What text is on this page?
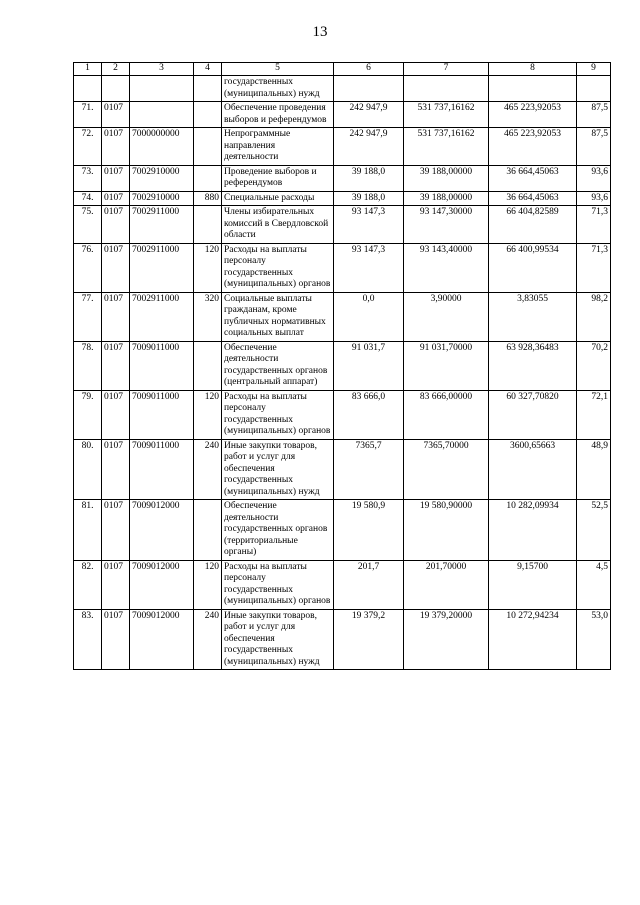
13
1	2	3	4	5	6	7	8	9
				государственных (муниципальных) нужд				
71.	0107			Обеспечение проведения выборов и референдумов	242 947,9	531 737,16162	465 223,92053	87,5
72.	0107	7000000000		Непрограммные направления деятельности	242 947,9	531 737,16162	465 223,92053	87,5
73.	0107	7002910000		Проведение выборов и референдумов	39 188,0	39 188,00000	36 664,45063	93,6
74.	0107	7002910000	880	Специальные расходы	39 188,0	39 188,00000	36 664,45063	93,6
75.	0107	7002911000		Члены избирательных комиссий в Свердловской области	93 147,3	93 147,30000	66 404,82589	71,3
76.	0107	7002911000	120	Расходы на выплаты персоналу государственных (муниципальных) органов	93 147,3	93 143,40000	66 400,99534	71,3
77.	0107	7002911000	320	Социальные выплаты гражданам, кроме публичных нормативных социальных выплат	0,0	3,90000	3,83055	98,2
78.	0107	7009011000		Обеспечение деятельности государственных органов (центральный аппарат)	91 031,7	91 031,70000	63 928,36483	70,2
79.	0107	7009011000	120	Расходы на выплаты персоналу государственных (муниципальных) органов	83 666,0	83 666,00000	60 327,70820	72,1
80.	0107	7009011000	240	Иные закупки товаров, работ и услуг для обеспечения государственных (муниципальных) нужд	7365,7	7365,70000	3600,65663	48,9
81.	0107	7009012000		Обеспечение деятельности государственных органов (территориальные органы)	19 580,9	19 580,90000	10 282,09934	52,5
82.	0107	7009012000	120	Расходы на выплаты персоналу государственных (муниципальных) органов	201,7	201,70000	9,15700	4,5
83.	0107	7009012000	240	Иные закупки товаров, работ и услуг для обеспечения государственных (муниципальных) нужд	19 379,2	19 379,20000	10 272,94234	53,0
